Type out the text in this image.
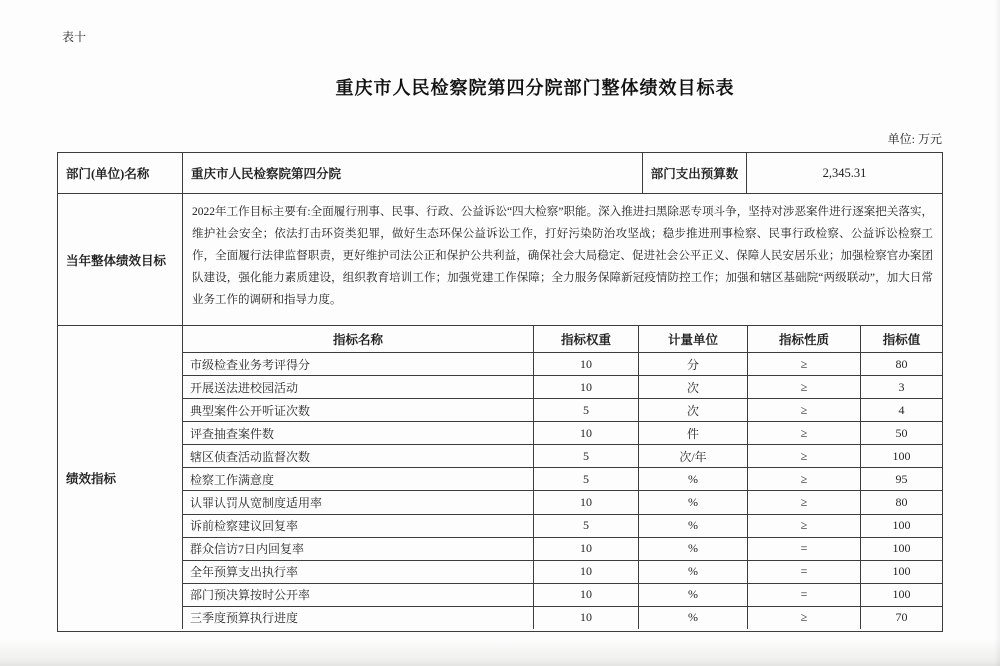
表十
重庆市人民检察院第四分院部门整体绩效目标表
单位: 万元
部门(单位)名称	重庆市人民检察院第四分院	部门支出预算数	2,345.31
当年整体绩效目标
2022年工作目标主要有:全面履行刑事、民事、行政、公益诉讼“四大检察”职能。深入推进扫黑除恶专项斗争，坚持对涉恶案件进行逐案把关落实，维护社会安全；依法打击环资类犯罪，做好生态环保公益诉讼工作，打好污染防治攻坚战；稳步推进刑事检察、民事行政检察、公益诉讼检察工作，全面履行法律监督职责，更好维护司法公正和保护公共利益，确保社会大局稳定、促进社会公平正义、保障人民安居乐业；加强检察官办案团队建设，强化能力素质建设，组织教育培训工作；加强党建工作保障；全力服务保障新冠疫情防控工作；加强和辖区基础院“两级联动”，加大日常业务工作的调研和指导力度。
绩效指标
指标名称	指标权重	计量单位	指标性质	指标值
市级检查业务考评得分	10	分	≥	80
开展送法进校园活动	10	次	≥	3
典型案件公开听证次数	5	次	≥	4
评查抽查案件数	10	件	≥	50
辖区侦查活动监督次数	5	次/年	≥	100
检察工作满意度	5	%	≥	95
认罪认罚从宽制度适用率	10	%	≥	80
诉前检察建议回复率	5	%	≥	100
群众信访7日内回复率	10	%	=	100
全年预算支出执行率	10	%	=	100
部门预决算按时公开率	10	%	=	100
三季度预算执行进度	10	%	≥	70
